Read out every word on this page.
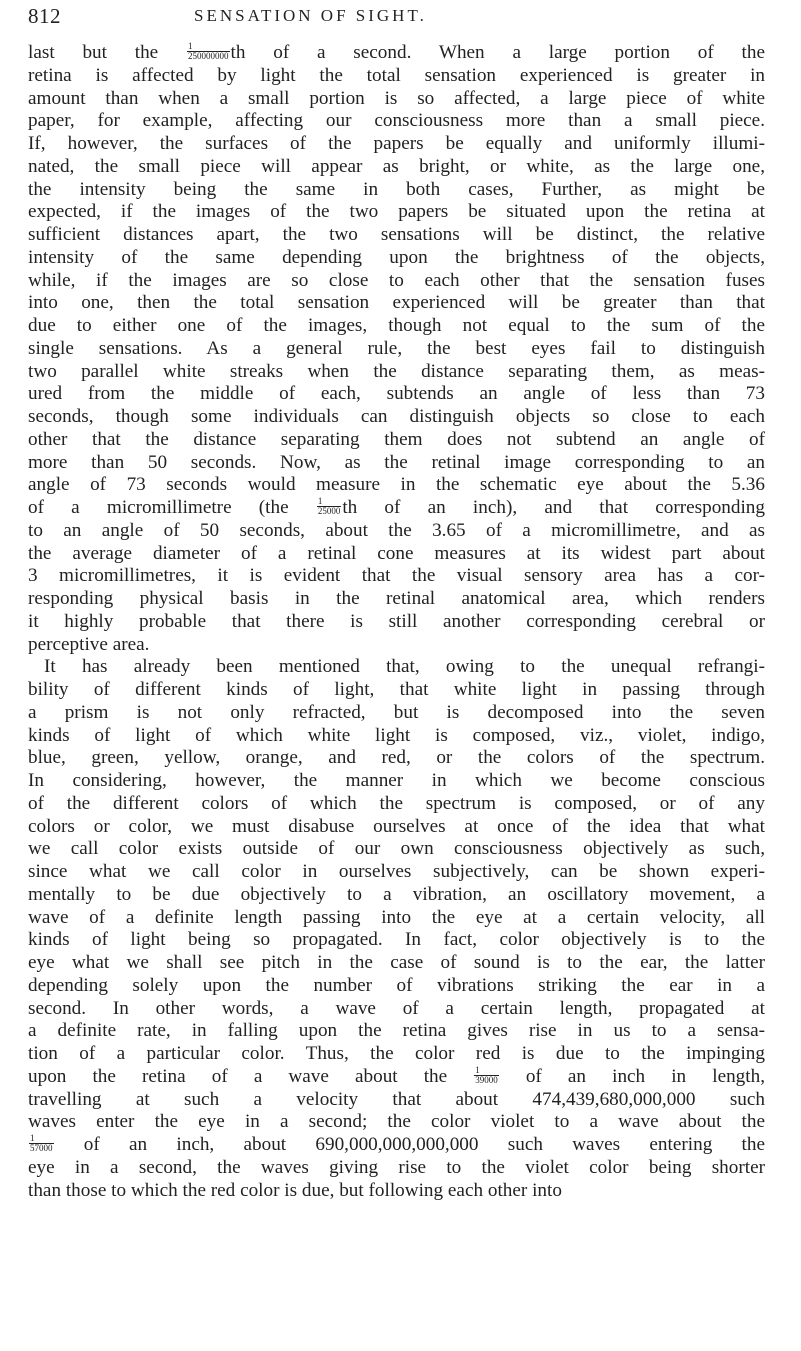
812	SENSATION OF SIGHT.
last but the $\frac{1}{250000000}$ th of a second. When a large portion of the
retina is affected by light the total sensation experienced is greater in
amount than when a small portion is so affected, a large piece of white
paper, for example, affecting our consciousness more than a small piece.
If, however, the surfaces of the papers be equally and uniformly illumi-
nated, the small piece will appear as bright, or white, as the large one,
the intensity being the same in both cases, Further, as might be
expected, if the images of the two papers be situated upon the retina at
sufficient distances apart, the two sensations will be distinct, the relative
intensity of the same depending upon the brightness of the objects,
while, if the images are so close to each other that the sensation fuses
into one, then the total sensation experienced will be greater than that
due to either one of the images, though not equal to the sum of the
single sensations. As a general rule, the best eyes fail to distinguish
two parallel white streaks when the distance separating them, as meas-
ured from the middle of each, subtends an angle of less than 73
seconds, though some individuals can distinguish objects so close to each
other that the distance separating them does not subtend an angle of
more than 50 seconds. Now, as the retinal image corresponding to an
angle of 73 seconds would measure in the schematic eye about the 5.36
of a micromillimetre ($the \frac{1}{25000}$ th of an inch), and that corresponding
to an angle of 50 seconds, about the 3.65 of a micromillimetre, and as
the average diameter of a retinal cone measures at its widest part about
3 micromillimetres, it is evident that the visual sensory area has a cor-
responding physical basis in the retinal anatomical area, which renders
it highly probable that there is still another corresponding cerebral or
perceptive area.
It has already been mentioned that, owing to the unequal refrangi-
bility of different kinds of light, that white light in passing through
a prism is not only refracted, but is decomposed into the seven
kinds of light of which white light is composed, viz., violet, indigo,
blue, green, yellow, orange, and red, or the colors of the spectrum.
In considering, however, the manner in which we become conscious
of the different colors of which the spectrum is composed, or of any
colors or color, we must disabuse ourselves at once of the idea that what
we call color exists outside of our own consciousness objectively as such,
since what we call color in ourselves subjectively, can be shown experi-
mentally to be due objectively to a vibration, an oscillatory movement, a
wave of a definite length passing into the eye at a certain velocity, all
kinds of light being so propagated. In fact, color objectively is to the
eye what we shall see pitch in the case of sound is to the ear, the latter
depending solely upon the number of vibrations striking the ear in a
second. In other words, a wave of a certain length, propagated at
a definite rate, in falling upon the retina gives rise in us to a sensa-
tion of a particular color. Thus, the color red is due to the impinging
upon the retina of a wave about the $\frac{1}{39000}$ of an inch in length,
travelling at such a velocity that about 474,439,680,000,000 such
waves enter the eye in a second; the color violet to a wave about the
$\frac{1}{57000}$ of an inch, about 690,000,000,000,000 such waves entering the
eye in a second, the waves giving rise to the violet color being shorter
than those to which the red color is due, but following each other into
